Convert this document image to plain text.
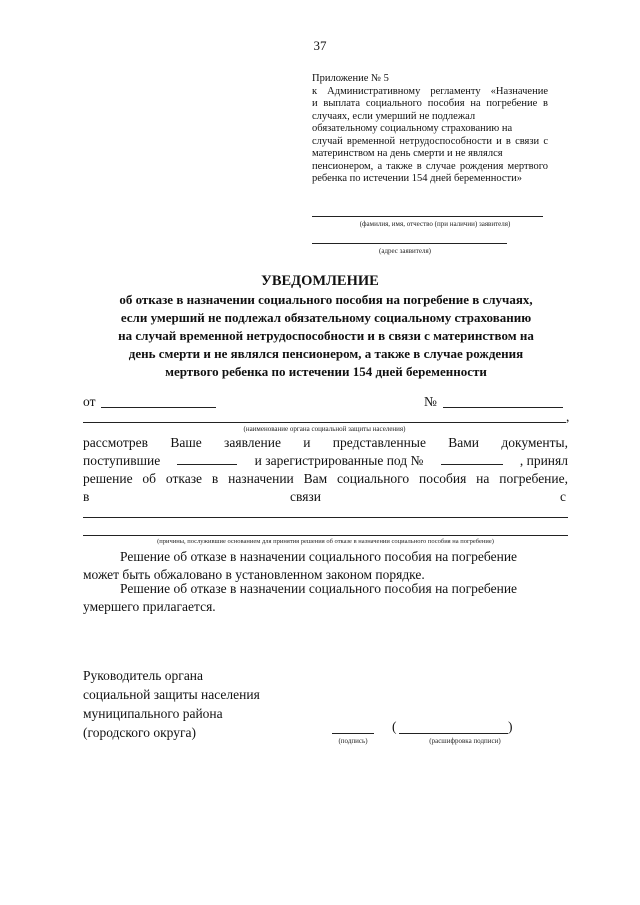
37
Приложение № 5
к Административному регламенту «Назначение
и выплата социального пособия на погребение в
случаях, если умерший не подлежал
обязательному социальному страхованию на
случай временной нетрудоспособности и в связи с
материнством на день смерти и не являлся
пенсионером, а также в случае рождения мертвого
ребенка по истечении 154 дней беременности»
(фамилия, имя, отчество (при наличии) заявителя)
(адрес заявителя)
УВЕДОМЛЕНИЕ
об отказе в назначении социального пособия на погребение в случаях,
если умерший не подлежал обязательному социальному страхованию
на случай временной нетрудоспособности и в связи с материнством на
день смерти и не являлся пенсионером, а также в случае рождения
мертвого ребенка по истечении 154 дней беременности
от	№
,
(наименование органа социальной защиты населения)
рассмотрев Ваше заявление и представленные Вами документы,
поступившие	и зарегистрированные под №	, принял
решение об отказе в назначении Вам социального пособия на погребение,
в	связи	с
(причины, послужившие основанием для принятия решения об отказе в назначении социального пособия на погребение)
Решение об отказе в назначении социального пособия на погребение
может быть обжаловано в установленном законом порядке.
Решение об отказе в назначении социального пособия на погребение
умершего прилагается.
Руководитель органа
социальной защиты населения
муниципального района
(городского округа)
(подпись)
(	)
(расшифровка подписи)
